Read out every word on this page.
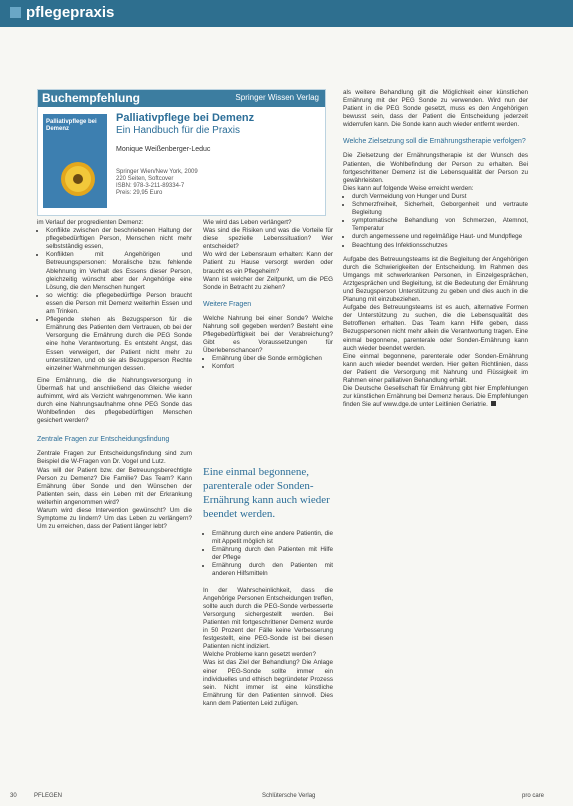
pflegepraxis
Buchempfehlung	Springer Wissen Verlag
Palliativpflege bei Demenz
Palliativpflege bei Demenz
Ein Handbuch für die Praxis
Monique Weißenberger-Leduc
Springer Wien/New York, 2009
220 Seiten, Softcover
ISBN: 978-3-211-89334-7
Preis: 29,95 Euro

im Verlauf der progredienten Demenz:

• Konflikte zwischen der beschriebenen Haltung der pflegebedürftigen Person, Menschen nicht mehr selbstständig essen,
• Konflikten mit Angehörigen und Betreuungspersonen: Moralische bzw. fehlende Ablehnung im Verhalt des Essens dieser Person, gleichzeitig wünscht aber der Angehörige eine Lösung, die den Menschen hungert
• so wichtig: die pflegebedürftige Person braucht essen die Person mit Demenz weiterhin Essen und am Trinken.
• Pflegende stehen als Bezugsperson für die Ernährung des Patienten dem Vertrauen, ob bei der Versorgung die Ernährung durch die PEG Sonde eine hohe Verantwortung. Es entsteht Angst, das Essen verweigert, der Patient nicht mehr zu unterstützen, und ob sie als Bezugsperson Rechte einzelner Wahrnehmungen dessen.

Eine Ernährung, die die Nahrungsversorgung in Übermaß hat und anschließend das Gleiche wieder aufnimmt, wird als Verzicht wahrgenommen. Wie kann durch eine Nahrungsaufnahme ohne PEG Sonde das Wohlbefinden des pflegebedürftigen Menschen gesichert werden?

Zentrale Fragen zur Entscheidungsfindung

Zentrale Fragen zur Entscheidungsfindung sind zum Beispiel die W-Fragen von Dr. Vogel und Lutz.

Was will der Patient bzw. der Betreuungsberechtigte Person zu Demenz? Die Familie? Das Team? Kann Ernährung über Sonde und den Wünschen der Patienten sein, dass ein Leben mit der Erkrankung weiterhin angenommen wird?

Warum wird diese Intervention gewünscht? Um die Symptome zu lindern? Um das Leben zu verlängern? Um zu erreichen, dass der Patient länger lebt?

Wie wird das Leben verlängert?

Was sind die Risiken und was die Vorteile für diese spezielle Lebenssituation? Wer entscheidet?

Wo wird der Lebensraum erhalten: Kann der Patient zu Hause versorgt werden oder braucht es ein Pflegeheim?

Wann ist welcher der Zeitpunkt, um die PEG Sonde in Betracht zu ziehen?

Weitere Fragen

Welche Nahrung bei einer Sonde? Welche Nahrung soll gegeben werden? Besteht eine Pflegebedürftigkeit bei der Verabreichung? Gibt es Voraussetzungen für Überlebenschancen?

• Ernährung über die Sonde ermöglichen
• Komfort
Eine einmal begonnene, parenterale oder Sonden-Ernährung kann auch wieder beendet werden.
• Ernährung durch eine andere Patientin, die mit Appetit möglich ist
• Ernährung durch den Patienten mit Hilfe der Pflege
• Ernährung durch den Patienten mit anderen Hilfsmitteln

In der Wahrscheinlichkeit, dass die Angehörige Personen Entscheidungen treffen, sollte auch durch die PEG-Sonde verbesserte Versorgung sichergestellt werden. Bei Patienten mit fortgeschrittener Demenz wurde in 50 Prozent der Fälle keine Verbesserung festgestellt, eine PEG-Sonde ist bei diesen Patienten nicht indiziert.

Welche Probleme kann gesetzt werden?

Was ist das Ziel der Behandlung? Die Anlage einer PEG-Sonde sollte immer ein individuelles und ethisch begründeter Prozess sein. Nicht immer ist eine künstliche Ernährung für den Patienten sinnvoll. Dies kann dem Patienten Leid zufügen.

als weitere Behandlung gilt die Möglichkeit einer künstlichen Ernährung mit der PEG Sonde zu verwenden. Wird nun der Patient in die PEG Sonde gesetzt, muss es den Angehörigen bewusst sein, dass der Patient die Entscheidung jederzeit widerrufen kann. Die Sonde kann auch wieder entfernt werden.

Welche Zielsetzung soll die Ernährungstherapie verfolgen?

Die Zielsetzung der Ernährungstherapie ist der Wunsch des Patienten, die Wohlbefindung der Person zu erhalten. Bei fortgeschrittener Demenz ist die Lebensqualität der Person zu gewährleisten.

Dies kann auf folgende Weise erreicht werden:

• durch Vermeidung von Hunger und Durst
• Schmerzfreiheit, Sicherheit, Geborgenheit und vertraute Begleitung
• symptomatische Behandlung von Schmerzen, Atemnot, Temperatur
• durch angemessene und regelmäßige Haut- und Mundpflege
• Beachtung des Infektionsschutzes

Aufgabe des Betreuungsteams ist die Begleitung der Angehörigen durch die Schwierigkeiten der Entscheidung. Im Rahmen des Umgangs mit schwerkranken Personen, in Einzelgesprächen, Arztgesprächen und Begleitung, ist die Bedeutung der Ernährung und Bezugsperson Unterstützung zu geben und dies auch in die Planung mit einzubeziehen.

Aufgabe des Betreuungsteams ist es auch, alternative Formen der Unterstützung zu suchen, die die Lebensqualität des Betroffenen erhalten. Das Team kann Hilfe geben, dass Bezugspersonen nicht mehr allein die Verantwortung tragen. Eine einmal begonnene, parenterale oder Sonden-Ernährung kann auch wieder beendet werden.

Eine einmal begonnene, parenterale oder Sonden-Ernährung kann auch wieder beendet werden. Hier gelten Richtlinien, dass der Patient die Versorgung mit Nahrung und Flüssigkeit im Rahmen einer palliativen Behandlung erhält.

Die Deutsche Gesellschaft für Ernährung gibt hier Empfehlungen zur künstlichen Ernährung bei Demenz heraus. Die Empfehlungen finden Sie auf www.dge.de unter Leitlinien Geriatrie.

30	PFLEGEN	Schlütersche Verlag	pro care
